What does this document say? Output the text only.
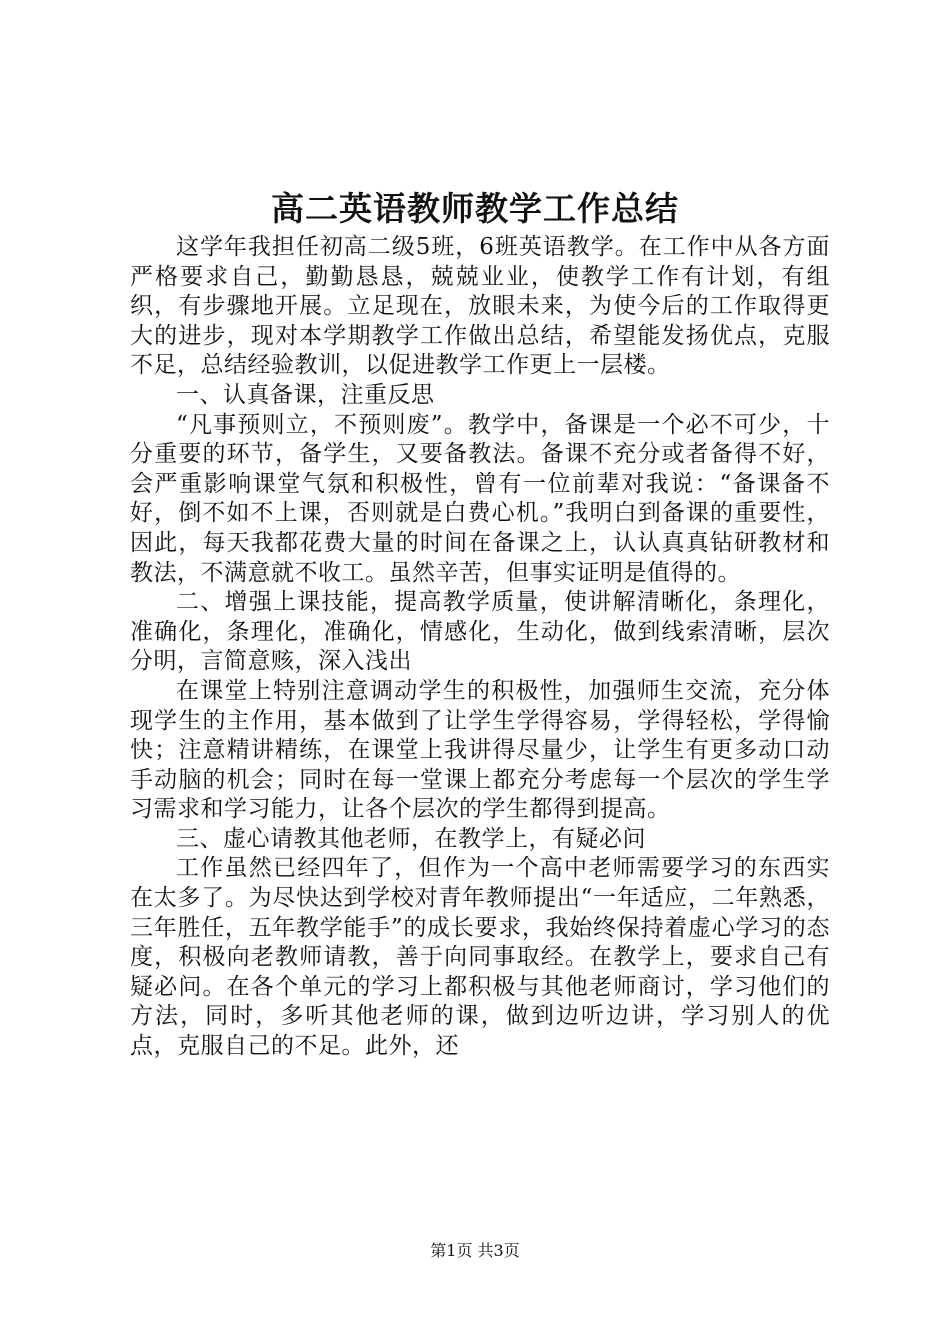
高二英语教师教学工作总结

这学年我担任初高二级5班，6班英语教学。在工作中从各方面严格要求自己，勤勤恳恳，兢兢业业，使教学工作有计划，有组织，有步骤地开展。立足现在，放眼未来，为使今后的工作取得更大的进步，现对本学期教学工作做出总结，希望能发扬优点，克服不足，总结经验教训，以促进教学工作更上一层楼。

一、认真备课，注重反思

“凡事预则立，不预则废”。教学中，备课是一个必不可少，十分重要的环节，备学生，又要备教法。备课不充分或者备得不好，会严重影响课堂气氛和积极性，曾有一位前辈对我说：“备课备不好，倒不如不上课，否则就是白费心机。”我明白到备课的重要性，因此，每天我都花费大量的时间在备课之上，认认真真钻研教材和教法，不满意就不收工。虽然辛苦，但事实证明是值得的。

二、增强上课技能，提高教学质量，使讲解清晰化，条理化，准确化，条理化，准确化，情感化，生动化，做到线索清晰，层次分明，言简意赅，深入浅出

在课堂上特别注意调动学生的积极性，加强师生交流，充分体现学生的主作用，基本做到了让学生学得容易，学得轻松，学得愉快；注意精讲精练，在课堂上我讲得尽量少，让学生有更多动口动手动脑的机会；同时在每一堂课上都充分考虑每一个层次的学生学习需求和学习能力，让各个层次的学生都得到提高。

三、虚心请教其他老师，在教学上，有疑必问

工作虽然已经四年了，但作为一个高中老师需要学习的东西实在太多了。为尽快达到学校对青年教师提出“一年适应，二年熟悉，三年胜任，五年教学能手”的成长要求，我始终保持着虚心学习的态度，积极向老教师请教，善于向同事取经。在教学上，要求自己有疑必问。在各个单元的学习上都积极与其他老师商讨，学习他们的方法，同时，多听其他老师的课，做到边听边讲，学习别人的优点，克服自己的不足。此外，还

第1页 共3页
